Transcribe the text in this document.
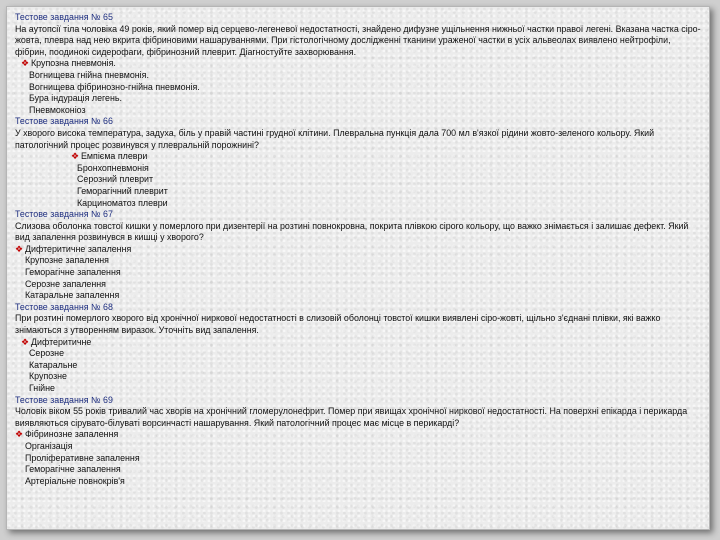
Тестове завдання № 65
На аутопсії тіла чоловіка 49 років, який помер від серцево-легеневої недостатності, знайдено дифузне ущільнення нижньої частки правої легені. Вказана частка сіро-жовта, плевра над нею вкрита фібриновими нашаруваннями. При гістологічному дослідженні тканини ураженої частки в усіх альвеолах виявлено нейтрофіли, фібрин, поодинокі сидерофаги, фібринозний плеврит. Діагностуйте захворювання.
❖ Крупозна пневмонія.
Вогнищева гнійна пневмонія.
Вогнищева фібринозно-гнійна пневмонія.
Бура індурація легень.
Пневмоконіоз
Тестове завдання № 66
У хворого висока температура, задуха, біль у правій частині грудної клітини. Плевральна пункція дала 700 мл в'язкої рідини жовто-зеленого кольору. Який патологічний процес розвинувся у плевральній порожнині?
❖ Емпієма плеври
Бронхопневмонія
Серозний плеврит
Геморагічний плеврит
Карциноматоз плеври
Тестове завдання № 67
Слизова оболонка товстої кишки у померлого при дизентерії на розтині повнокровна, покрита плівкою сірого кольору, що важко знімається і залишає дефект. Який вид запалення розвинувся в кишці у хворого?
❖ Дифтеритичне запалення
Крупозне запалення
Геморагічне запалення
Серозне запалення
Катаральне запалення
Тестове завдання № 68
При розтині померлого хворого від хронічної ниркової недостатності в слизовій оболонці товстої кишки виявлені сіро-жовті, щільно з'єднані плівки, які важко знімаються з утворенням виразок. Уточніть вид запалення.
❖ Дифтеритичне
Серозне
Катаральне
Крупозне
Гнійне
Тестове завдання № 69
Чоловік віком 55 років тривалий час хворів на хронічний гломерулонефрит. Помер при явищах хронічної ниркової недостатності. На поверхні епікарда і перикарда виявляються сірувато-білуваті ворсинчасті нашарування. Який патологічний процес має місце в перикарді?
❖ Фібринозне запалення
Організація
Проліферативне запалення
Геморагічне запалення
Артеріальне повнокрів'я
